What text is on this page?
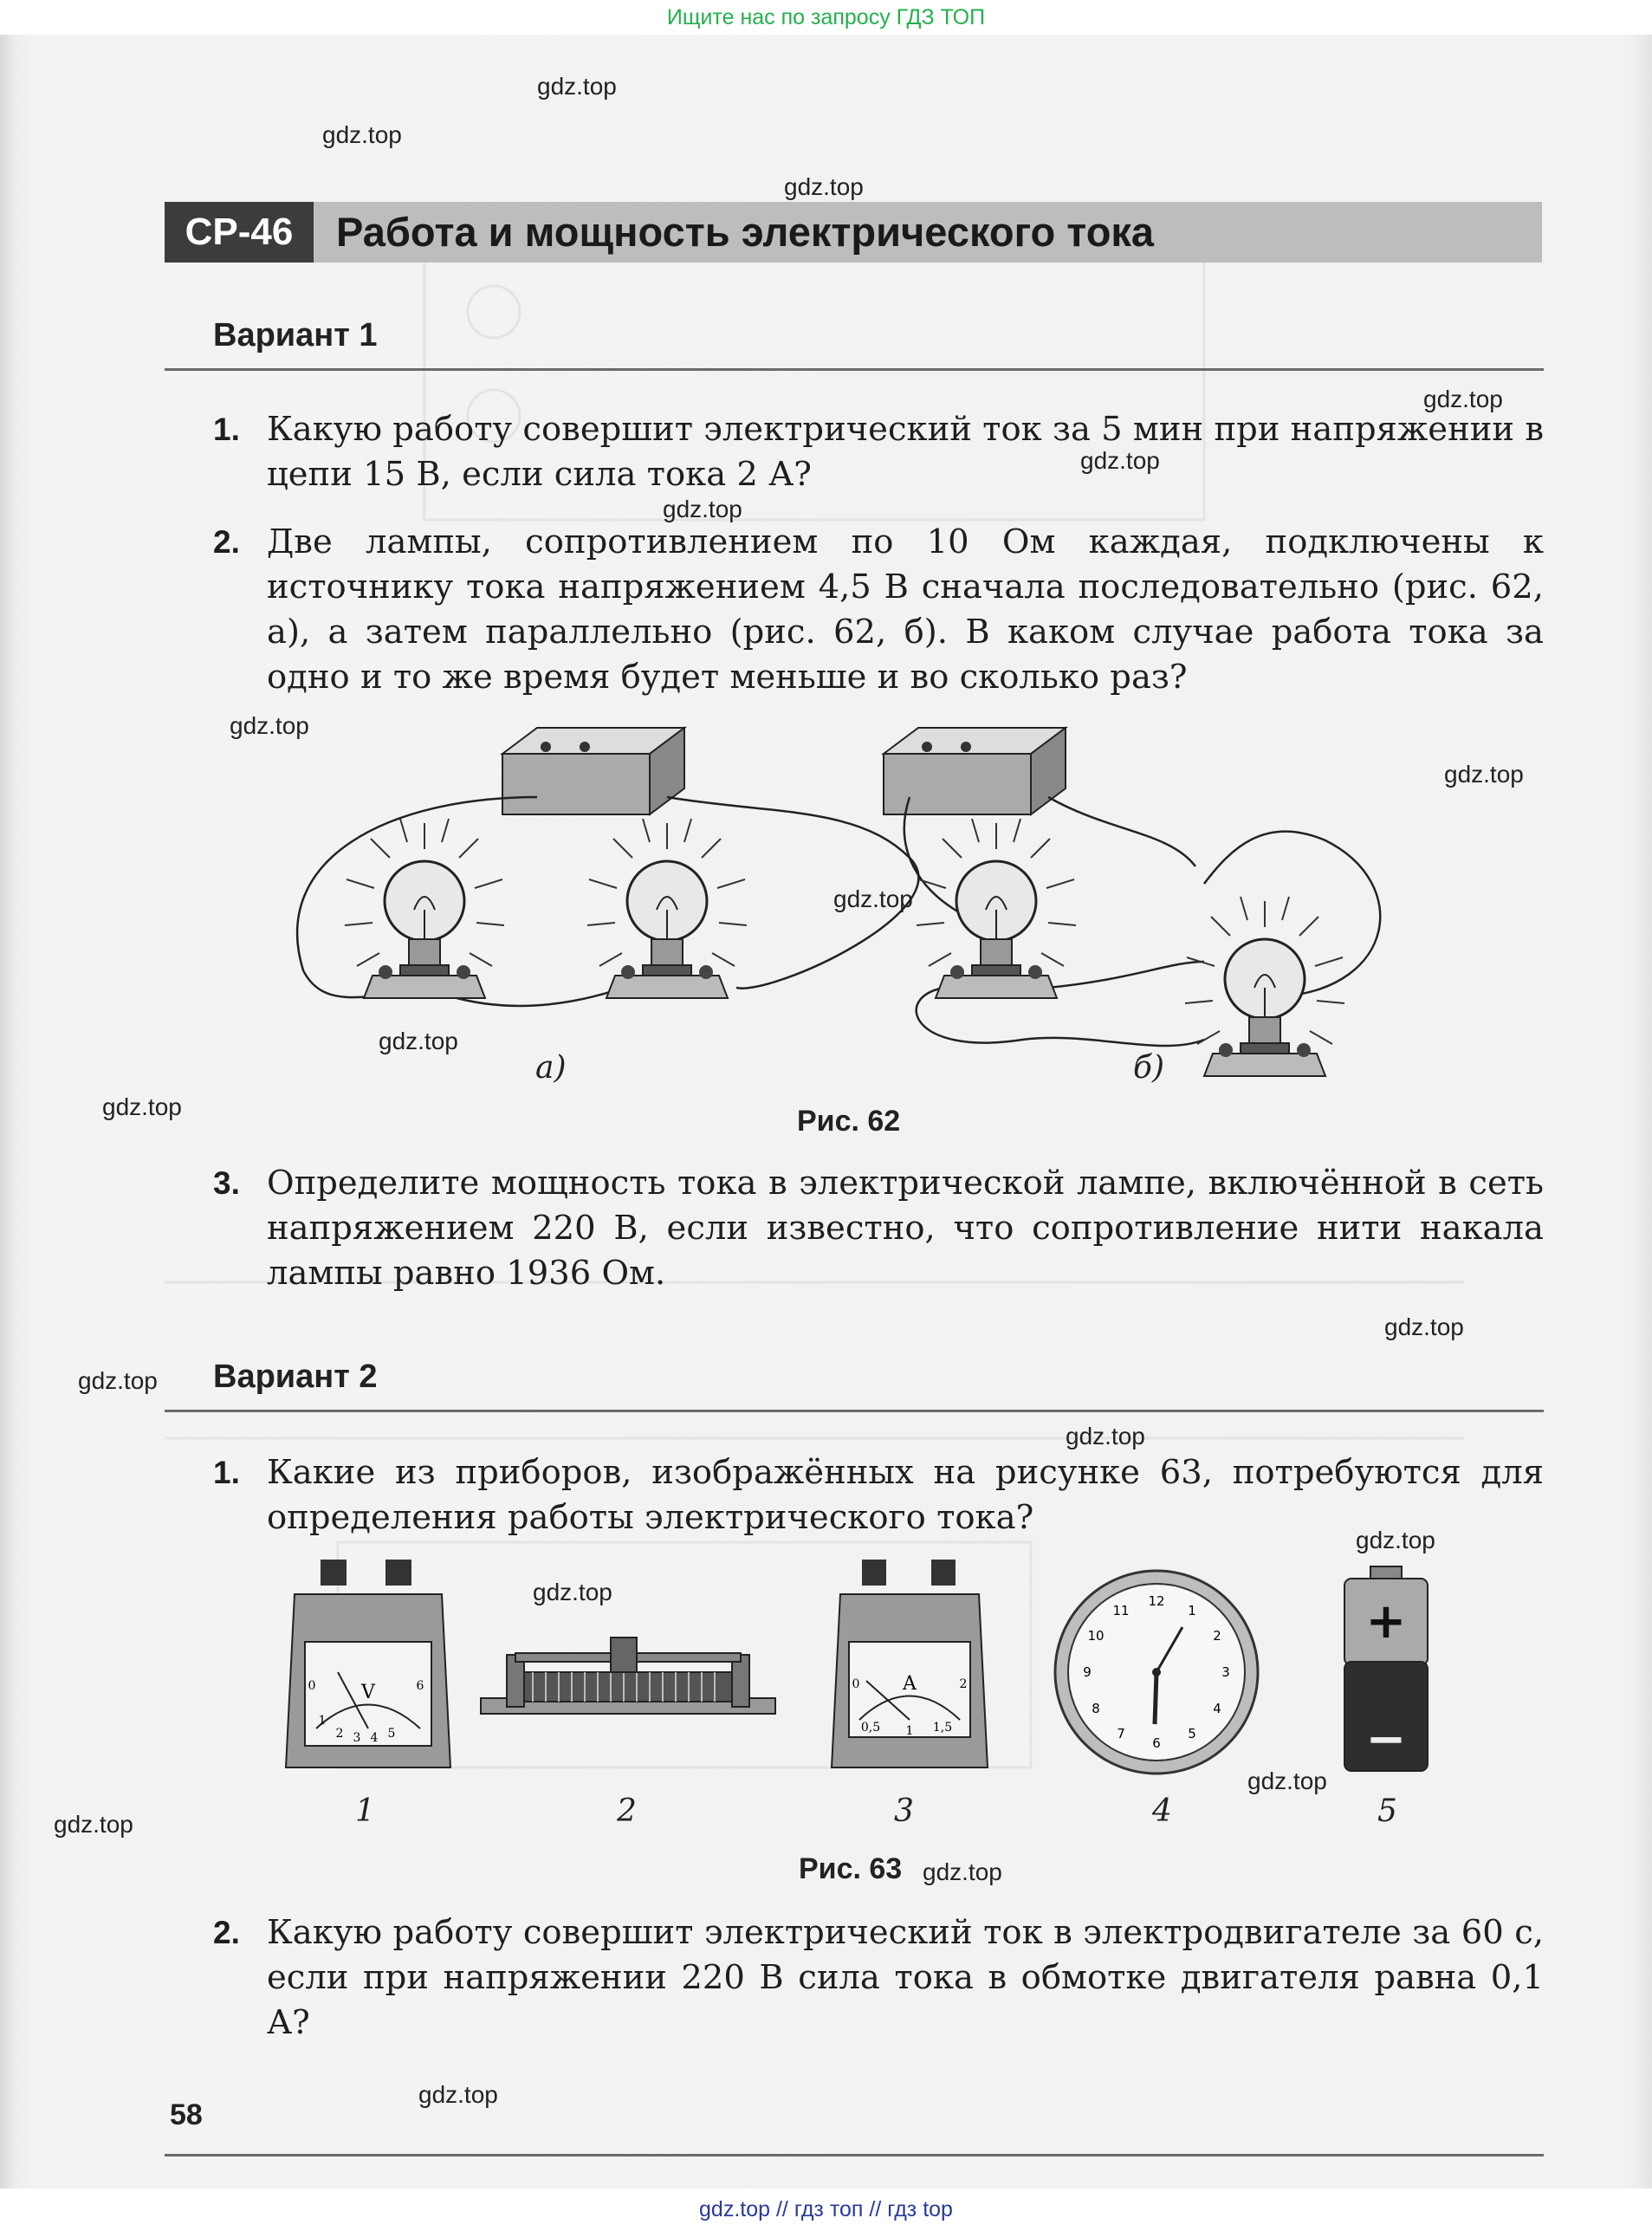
Ищите нас по запросу ГДЗ ТОП
СР-46	Работа и мощность электрического тока
Вариант 1
1. Какую работу совершит электрический ток за 5 мин при напряжении в цепи 15 В, если сила тока 2 А?
2. Две лампы, сопротивлением по 10 Ом каждая, подключены к источнику тока напряжением 4,5 В сначала последовательно (рис. 62, а), а затем параллельно (рис. 62, б). В каком случае работа тока за одно и то же время будет меньше и во сколько раз?
а)	б)
Рис. 62
3. Определите мощность тока в электрической лампе, включённой в сеть напряжением 220 В, если известно, что сопротивление нити накала лампы равно 1936 Ом.
Вариант 2
1. Какие из приборов, изображённых на рисунке 63, потребуются для определения работы электрического тока?
V
0
1
2 3 4 5
6	A
0
0,5 1 1,5
2
12
1
2
3
4
5
6
7
8
9
10
11	+
−
1	2	3	4	5
Рис. 63
2. Какую работу совершит электрический ток в электродвигателе за 60 с, если при напряжении 220 В сила тока в обмотке двигателя равна 0,1 А?
58
gdz.top
gdz.top
gdz.top
gdz.top
gdz.top
gdz.top
gdz.top
gdz.top
gdz.top
gdz.top
gdz.top
gdz.top
gdz.top
gdz.top
gdz.top
gdz.top
gdz.top
gdz.top
gdz.top
gdz.top
gdz.top // гдз топ // гдз top
